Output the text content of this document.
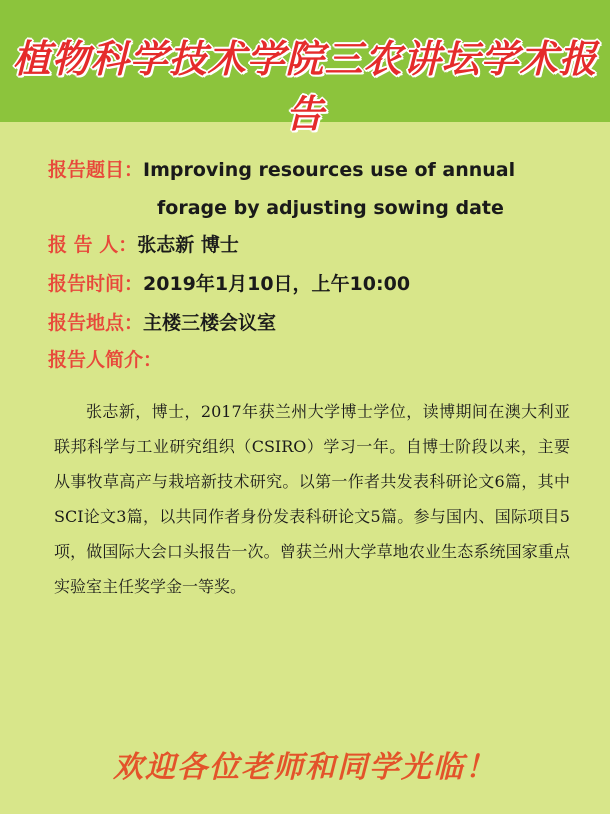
植物科学技术学院三农讲坛学术报告
报告题目：Improving resources use of annual
forage by adjusting sowing date
报 告 人：张志新 博士
报告时间：2019年1月10日，上午10:00
报告地点：主楼三楼会议室
报告人简介：

张志新，博士，2017年获兰州大学博士学位，读博期间在澳大利亚联邦科学与工业研究组织（CSIRO）学习一年。自博士阶段以来，主要从事牧草高产与栽培新技术研究。以第一作者共发表科研论文6篇，其中SCI论文3篇，以共同作者身份发表科研论文5篇。参与国内、国际项目5项，做国际大会口头报告一次。曾获兰州大学草地农业生态系统国家重点实验室主任奖学金一等奖。

欢迎各位老师和同学光临！
